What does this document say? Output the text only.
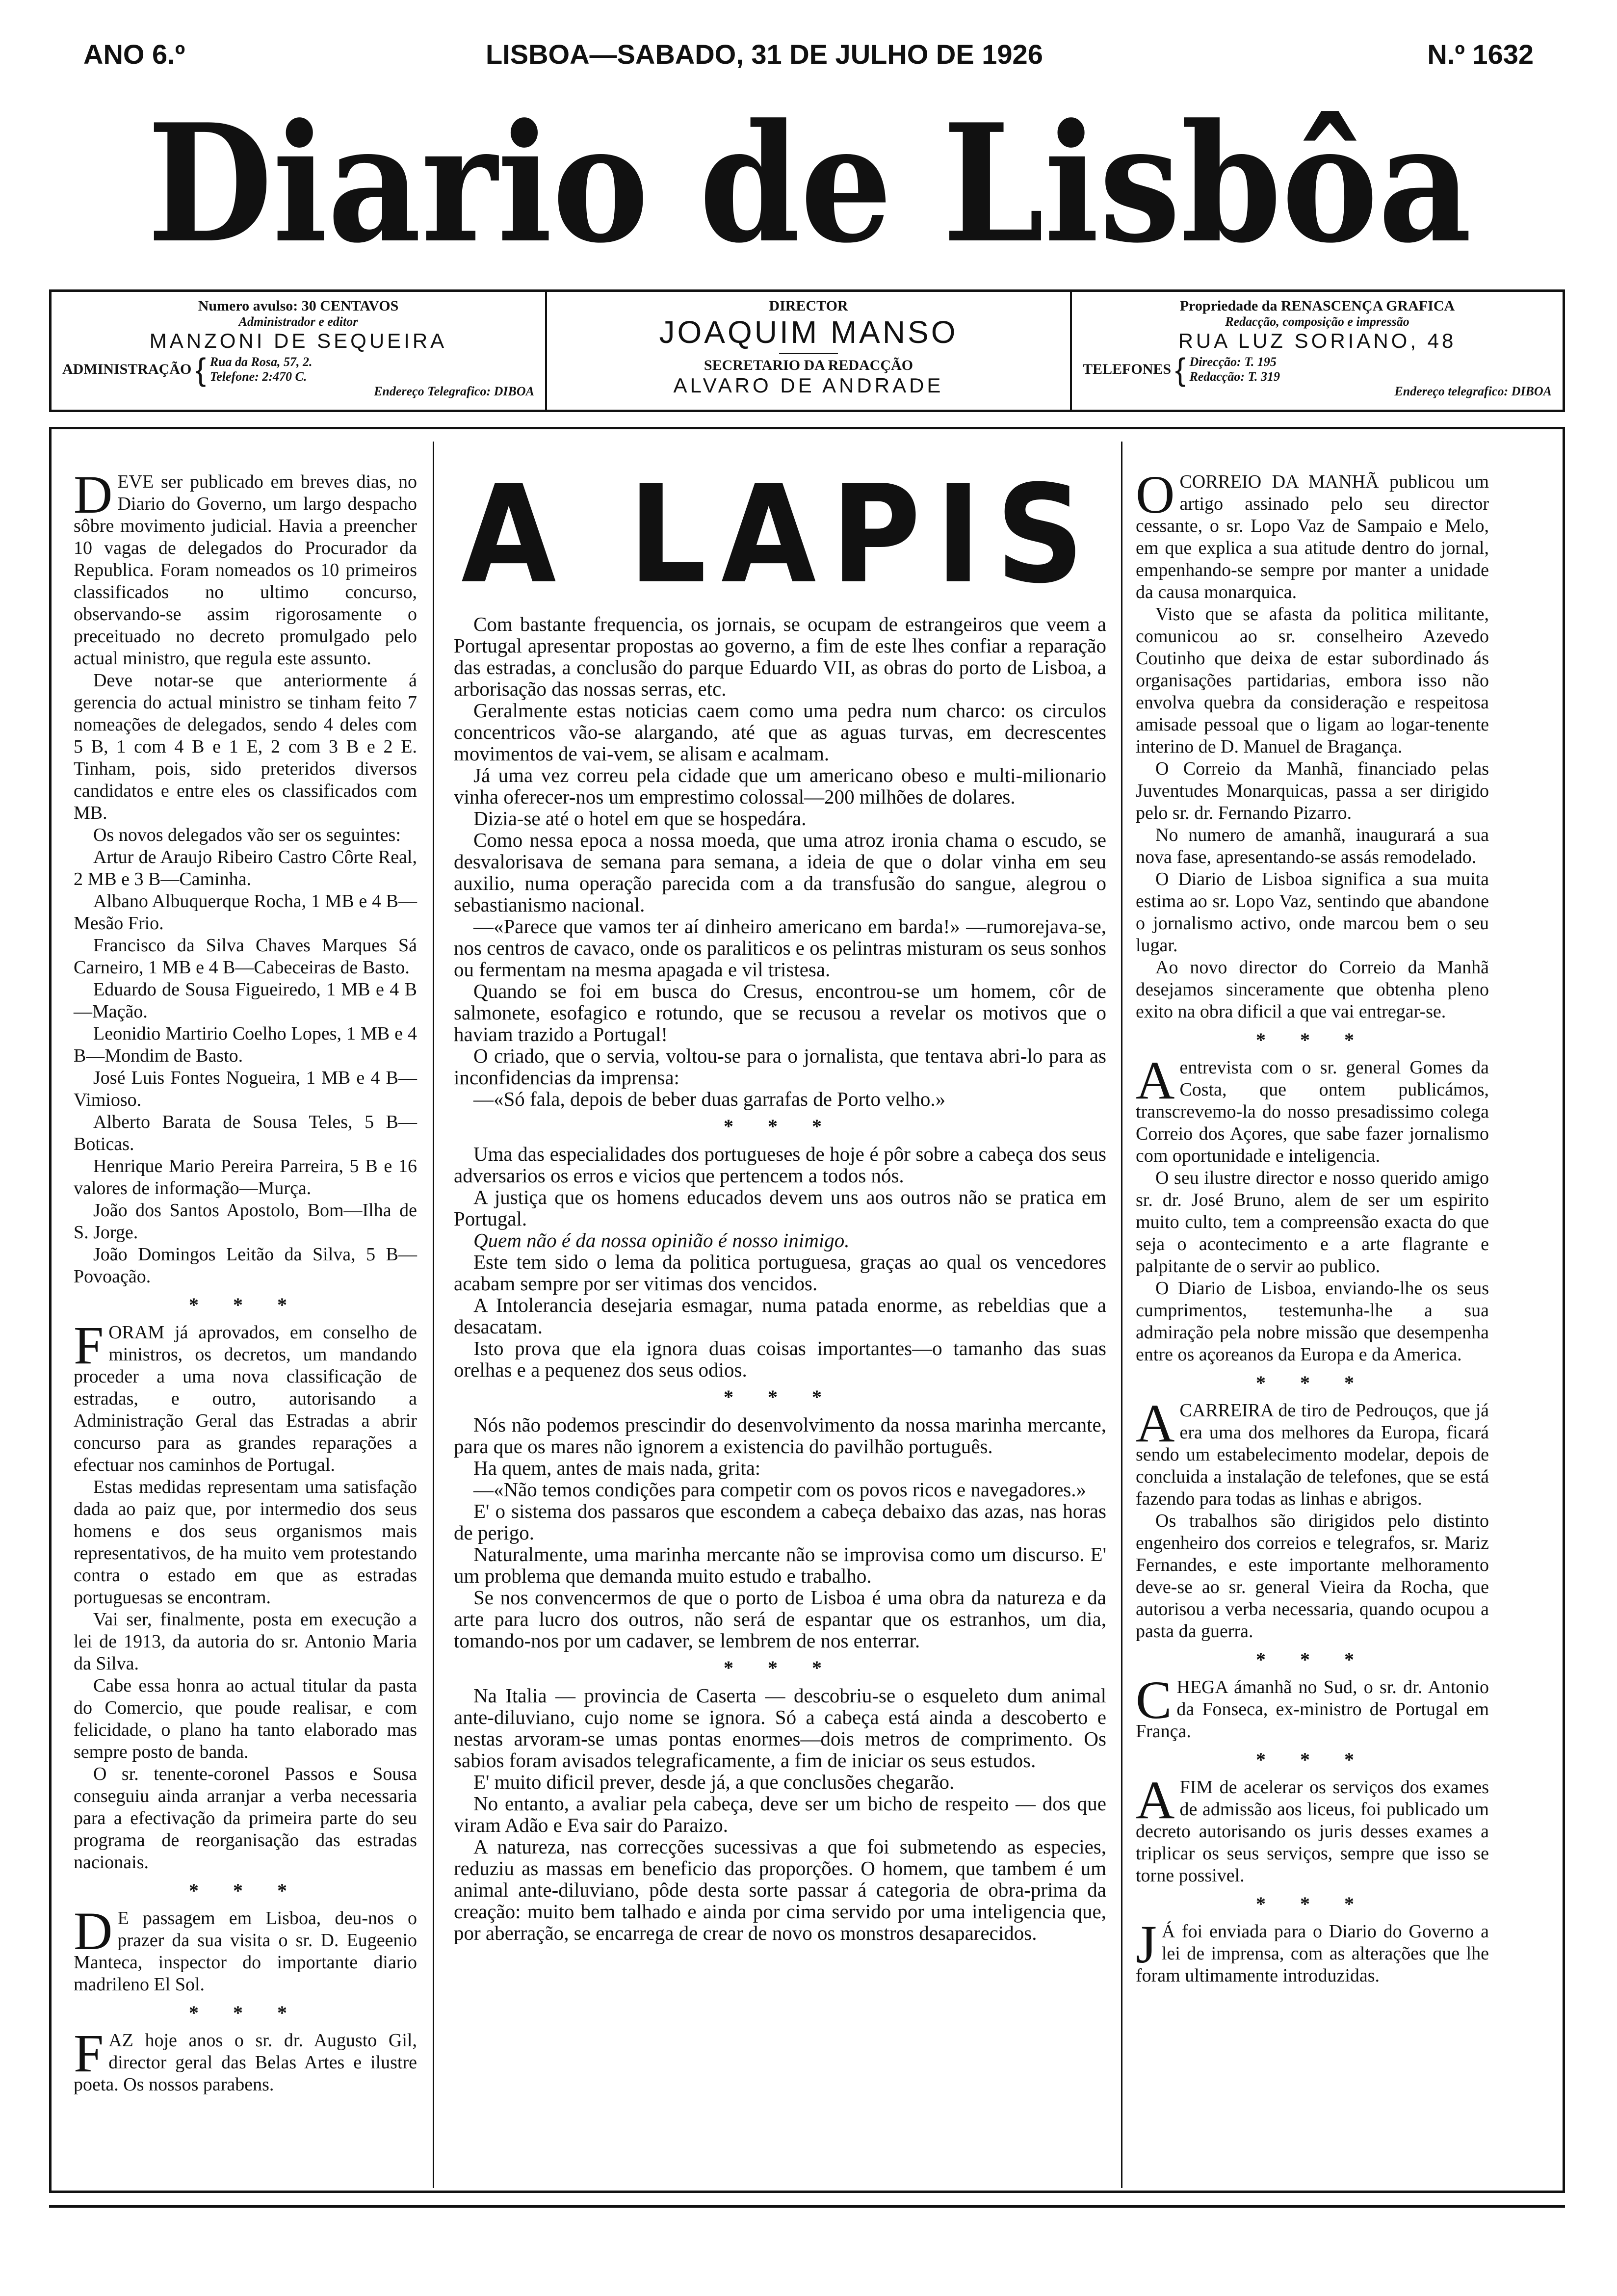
ANO 6.º	LISBOA—SABADO, 31 DE JULHO DE 1926	N.º 1632
Diario de Lisbôa
Numero avulso: 30 CENTAVOS
Administrador e editor
MANZONI DE SEQUEIRA
ADMINISTRAÇÃO { Rua da Rosa, 57, 2.
Telefone: 2:470 C.
Endereço Telegrafico: DIBOA
DIRECTOR
JOAQUIM MANSO
SECRETARIO DA REDACÇÃO
ALVARO DE ANDRADE
Propriedade da RENASCENÇA GRAFICA
Redacção, composição e impressão
RUA LUZ SORIANO, 48
TELEFONES { Direcção: T. 195
Redacção: T. 319
Endereço telegrafico: DIBOA

DEVE ser publicado em breves dias, no Diario do Governo, um largo despacho sôbre movimento judicial. Havia a preencher 10 vagas de delegados do Procurador da Republica. Foram nomeados os 10 primeiros classificados no ultimo concurso, observando-se assim rigorosamente o preceituado no decreto promulgado pelo actual ministro, que regula este assunto.

Deve notar-se que anteriormente á gerencia do actual ministro se tinham feito 7 nomeações de delegados, sendo 4 deles com 5 B, 1 com 4 B e 1 E, 2 com 3 B e 2 E. Tinham, pois, sido preteridos diversos candidatos e entre eles os classificados com MB.

Os novos delegados vão ser os seguintes:

Artur de Araujo Ribeiro Castro Côrte Real, 2 MB e 3 B—Caminha.

Albano Albuquerque Rocha, 1 MB e 4 B—Mesão Frio.

Francisco da Silva Chaves Marques Sá Carneiro, 1 MB e 4 B—Cabeceiras de Basto.

Eduardo de Sousa Figueiredo, 1 MB e 4 B—Mação.

Leonidio Martirio Coelho Lopes, 1 MB e 4 B—Mondim de Basto.

José Luis Fontes Nogueira, 1 MB e 4 B—Vimioso.

Alberto Barata de Sousa Teles, 5 B—Boticas.

Henrique Mario Pereira Parreira, 5 B e 16 valores de informação—Murça.

João dos Santos Apostolo, Bom—Ilha de S. Jorge.

João Domingos Leitão da Silva, 5 B—Povoação.

* * *

FORAM já aprovados, em conselho de ministros, os decretos, um mandando proceder a uma nova classificação de estradas, e outro, autorisando a Administração Geral das Estradas a abrir concurso para as grandes reparações a efectuar nos caminhos de Portugal.

Estas medidas representam uma satisfação dada ao paiz que, por intermedio dos seus homens e dos seus organismos mais representativos, de ha muito vem protestando contra o estado em que as estradas portuguesas se encontram.

Vai ser, finalmente, posta em execução a lei de 1913, da autoria do sr. Antonio Maria da Silva.

Cabe essa honra ao actual titular da pasta do Comercio, que poude realisar, e com felicidade, o plano ha tanto elaborado mas sempre posto de banda.

O sr. tenente-coronel Passos e Sousa conseguiu ainda arranjar a verba necessaria para a efectivação da primeira parte do seu programa de reorganisação das estradas nacionais.

* * *

D E passagem em Lisboa, deu-nos o prazer da sua visita o sr. D. Eugeenio Manteca, inspector do importante diario madrileno El Sol.

* * *

FAZ hoje anos o sr. dr. Augusto Gil, director geral das Belas Artes e ilustre poeta. Os nossos parabens.

A LAPIS

Com bastante frequencia, os jornais, se ocupam de estrangeiros que veem a Portugal apresentar propostas ao governo, a fim de este lhes confiar a reparação das estradas, a conclusão do parque Eduardo VII, as obras do porto de Lisboa, a arborisação das nossas serras, etc.

Geralmente estas noticias caem como uma pedra num charco: os circulos concentricos vão-se alargando, até que as aguas turvas, em decrescentes movimentos de vai-vem, se alisam e acalmam.

Já uma vez correu pela cidade que um americano obeso e multi-milionario vinha oferecer-nos um emprestimo colossal—200 milhões de dolares.

Dizia-se até o hotel em que se hospedára.

Como nessa epoca a nossa moeda, que uma atroz ironia chama o escudo, se desvalorisava de semana para semana, a ideia de que o dolar vinha em seu auxilio, numa operação parecida com a da transfusão do sangue, alegrou o sebastianismo nacional.

—«Parece que vamos ter aí dinheiro americano em barda!» —rumorejava-se, nos centros de cavaco, onde os paraliticos e os pelintras misturam os seus sonhos ou fermentam na mesma apagada e vil tristesa.

Quando se foi em busca do Cresus, encontrou-se um homem, côr de salmonete, esofagico e rotundo, que se recusou a revelar os motivos que o haviam trazido a Portugal!

O criado, que o servia, voltou-se para o jornalista, que tentava abri-lo para as inconfidencias da imprensa:

—«Só fala, depois de beber duas garrafas de Porto velho.»

* * *

Uma das especialidades dos portugueses de hoje é pôr sobre a cabeça dos seus adversarios os erros e vicios que pertencem a todos nós.

A justiça que os homens educados devem uns aos outros não se pratica em Portugal.

Quem não é da nossa opinião é nosso inimigo.

Este tem sido o lema da politica portuguesa, graças ao qual os vencedores acabam sempre por ser vitimas dos vencidos.

A Intolerancia desejaria esmagar, numa patada enorme, as rebeldias que a desacatam.

Isto prova que ela ignora duas coisas importantes—o tamanho das suas orelhas e a pequenez dos seus odios.

* * *

Nós não podemos prescindir do desenvolvimento da nossa marinha mercante, para que os mares não ignorem a existencia do pavilhão português.

Ha quem, antes de mais nada, grita:

—«Não temos condições para competir com os povos ricos e navegadores.»

E' o sistema dos passaros que escondem a cabeça debaixo das azas, nas horas de perigo.

Naturalmente, uma marinha mercante não se improvisa como um discurso. E' um problema que demanda muito estudo e trabalho.

Se nos convencermos de que o porto de Lisboa é uma obra da natureza e da arte para lucro dos outros, não será de espantar que os estranhos, um dia, tomando-nos por um cadaver, se lembrem de nos enterrar.

* * *

Na Italia — provincia de Caserta — descobriu-se o esqueleto dum animal ante-diluviano, cujo nome se ignora. Só a cabeça está ainda a descoberto e nestas arvoram-se umas pontas enormes—dois metros de comprimento. Os sabios foram avisados telegraficamente, a fim de iniciar os seus estudos.

E' muito dificil prever, desde já, a que conclusões chegarão.

No entanto, a avaliar pela cabeça, deve ser um bicho de respeito — dos que viram Adão e Eva sair do Paraizo.

A natureza, nas correcções sucessivas a que foi submetendo as especies, reduziu as massas em beneficio das proporções. O homem, que tambem é um animal ante-diluviano, pôde desta sorte passar á categoria de obra-prima da creação: muito bem talhado e ainda por cima servido por uma inteligencia que, por aberração, se encarrega de crear de novo os monstros desaparecidos.

OCORREIO DA MANHÃ publicou um artigo assinado pelo seu director cessante, o sr. Lopo Vaz de Sampaio e Melo, em que explica a sua atitude dentro do jornal, empenhando-se sempre por manter a unidade da causa monarquica.

Visto que se afasta da politica militante, comunicou ao sr. conselheiro Azevedo Coutinho que deixa de estar subordinado ás organisações partidarias, embora isso não envolva quebra da consideração e respeitosa amisade pessoal que o ligam ao logar-tenente interino de D. Manuel de Bragança.

O Correio da Manhã, financiado pelas Juventudes Monarquicas, passa a ser dirigido pelo sr. dr. Fernando Pizarro.

No numero de amanhã, inaugurará a sua nova fase, apresentando-se assás remodelado.

O Diario de Lisboa significa a sua muita estima ao sr. Lopo Vaz, sentindo que abandone o jornalismo activo, onde marcou bem o seu lugar.

Ao novo director do Correio da Manhã desejamos sinceramente que obtenha pleno exito na obra dificil a que vai entregar-se.

* * *

Aentrevista com o sr. general Gomes da Costa, que ontem publicámos, transcrevemo-la do nosso presadissimo colega Correio dos Açores, que sabe fazer jornalismo com oportunidade e inteligencia.

O seu ilustre director e nosso querido amigo sr. dr. José Bruno, alem de ser um espirito muito culto, tem a compreensão exacta do que seja o acontecimento e a arte flagrante e palpitante de o servir ao publico.

O Diario de Lisboa, enviando-lhe os seus cumprimentos, testemunha-lhe a sua admiração pela nobre missão que desempenha entre os açoreanos da Europa e da America.

* * *

ACARREIRA de tiro de Pedrouços, que já era uma dos melhores da Europa, ficará sendo um estabelecimento modelar, depois de concluida a instalação de telefones, que se está fazendo para todas as linhas e abrigos.

Os trabalhos são dirigidos pelo distinto engenheiro dos correios e telegrafos, sr. Mariz Fernandes, e este importante melhoramento deve-se ao sr. general Vieira da Rocha, que autorisou a verba necessaria, quando ocupou a pasta da guerra.

* * *

CHEGA ámanhã no Sud, o sr. dr. Antonio da Fonseca, ex-ministro de Portugal em França.

* * *

AFIM de acelerar os serviços dos exames de admissão aos liceus, foi publicado um decreto autorisando os juris desses exames a triplicar os seus serviços, sempre que isso se torne possivel.

* * *

J Á foi enviada para o Diario do Governo a lei de imprensa, com as alterações que lhe foram ultimamente introduzidas.
